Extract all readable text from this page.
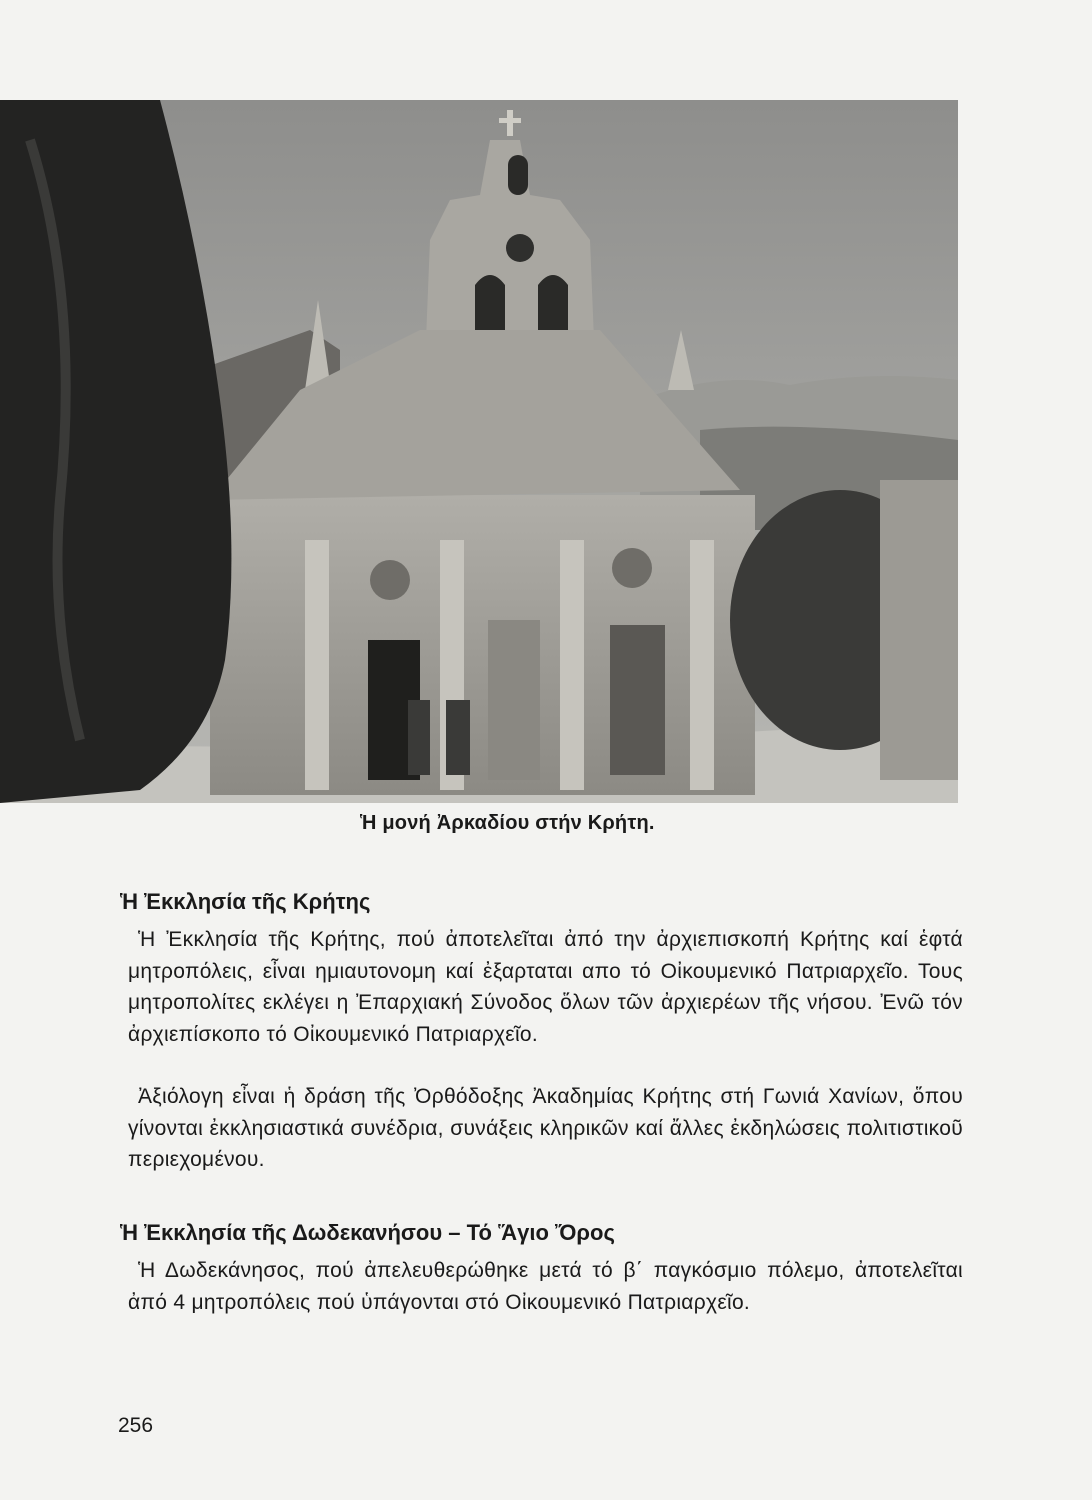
Ἡ μονή Ἀρκαδίου στήν Κρήτη.
Ἡ Ἐκκλησία τῆς Κρήτης

Ἡ Ἐκκλησία τῆς Κρήτης, πού ἀποτελεῖται ἀπό την ἀρχιεπισκοπή Κρήτης καί ἑφτά μητροπόλεις, εἶναι ημιαυτονομη καί ἐξαρταται απο τό Οἰκουμενικό Πατριαρχεῖο. Τους μητροπολίτες εκλέγει η Ἐπαρχιακή Σύνοδος ὅλων τῶν ἀρχιερέων τῆς νήσου. Ἐνῶ τόν ἀρχιεπίσκοπο τό Οἰκουμενικό Πατριαρχεῖο.

Ἀξιόλογη εἶναι ἡ δράση τῆς Ὀρθόδοξης Ἀκαδημίας Κρήτης στή Γωνιά Χανίων, ὅπου γίνονται ἐκκλησιαστικά συνέδρια, συνάξεις κληρικῶν καί ἄλλες ἐκδηλώσεις πολιτιστικοῦ περιεχομένου.

Ἡ Ἐκκλησία τῆς Δωδεκανήσου – Τό Ἅγιο Ὄρος

Ἡ Δωδεκάνησος, πού ἀπελευθερώθηκε μετά τό β΄ παγκόσμιο πόλεμο, ἀποτελεῖται ἀπό 4 μητροπόλεις πού ὑπάγονται στό Οἰκουμενικό Πατριαρχεῖο.

256
